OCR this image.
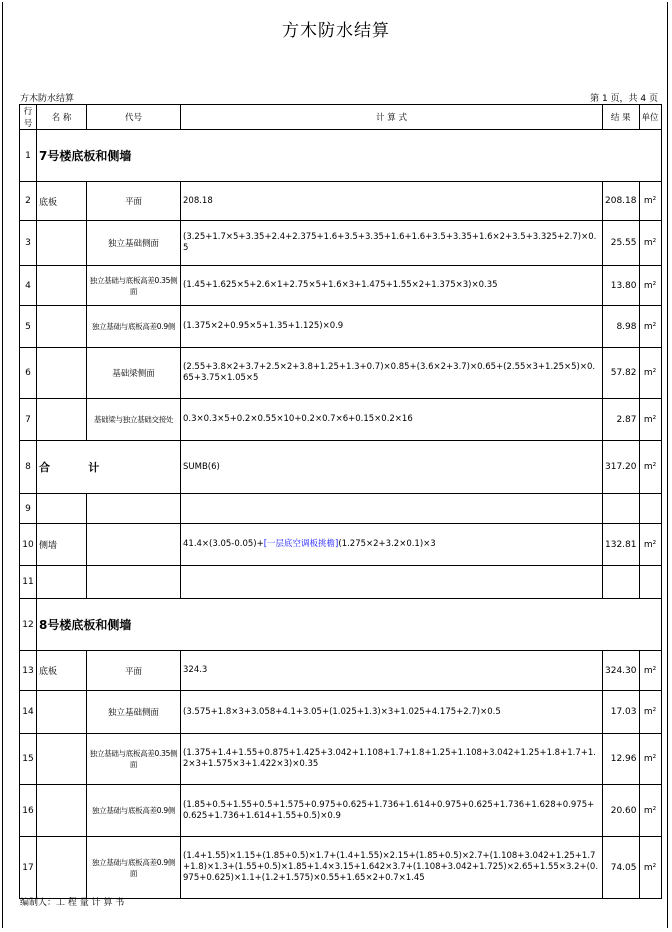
方木防水结算
方木防水结算	第 1 页，共 4 页
行号	名 称	代号	计 算 式	结 果	单位
1	7号楼底板和侧墙				
2	底板	平面	208.18	208.18	m²
3		独立基础侧面	(3.25+1.7×5+3.35+2.4+2.375+1.6+3.5+3.35+1.6+1.6+3.5+3.35+1.6×2+3.5+3.325+2.7)×0.5	25.55	m²
4		独立基础与底板高差0.35侧面	(1.45+1.625×5+2.6×1+2.75×5+1.6×3+1.475+1.55×2+1.375×3)×0.35	13.80	m²
5		独立基础与底板高差0.9侧	(1.375×2+0.95×5+1.35+1.125)×0.9	8.98	m²
6		基础梁侧面	(2.55+3.8×2+3.7+2.5×2+3.8+1.25+1.3+0.7)×0.85+(3.6×2+3.7)×0.65+(2.55×3+1.25×5)×0.65+3.75×1.05×5	57.82	m²
7		基础梁与独立基础交接处	0.3×0.3×5+0.2×0.55×10+0.2×0.7×6+0.15×0.2×16	2.87	m²
8	合          计		SUMB(6)	317.20	m²
9					
10	侧墙		41.4×(3.05-0.05)+[一层底空调板挑檐](1.275×2+3.2×0.1)×3	132.81	m²
11					
12	8号楼底板和侧墙				
13	底板	平面	324.3	324.30	m²
14		独立基础侧面	(3.575+1.8×3+3.058+4.1+3.05+(1.025+1.3)×3+1.025+4.175+2.7)×0.5	17.03	m²
15		独立基础与底板高差0.35侧面	(1.375+1.4+1.55+0.875+1.425+3.042+1.108+1.7+1.8+1.25+1.108+3.042+1.25+1.8+1.7+1.2×3+1.575×3+1.422×3)×0.35	12.96	m²
16		独立基础与底板高差0.9侧	(1.85+0.5+1.55+0.5+1.575+0.975+0.625+1.736+1.614+0.975+0.625+1.736+1.628+0.975+0.625+1.736+1.614+1.55+0.5)×0.9	20.60	m²
17		独立基础与底板高差0.9侧面	(1.4+1.55)×1.15+(1.85+0.5)×1.7+(1.4+1.55)×2.15+(1.85+0.5)×2.7+(1.108+3.042+1.25+1.7+1.8)×1.3+(1.55+0.5)×1.85+1.4×3.15+1.642×3.7+(1.108+3.042+1.725)×2.65+1.55×3.2+(0.975+0.625)×1.1+(1.2+1.575)×0.55+1.65×2+0.7×1.45	74.05	m²
编制人：工 程 量 计 算 书
